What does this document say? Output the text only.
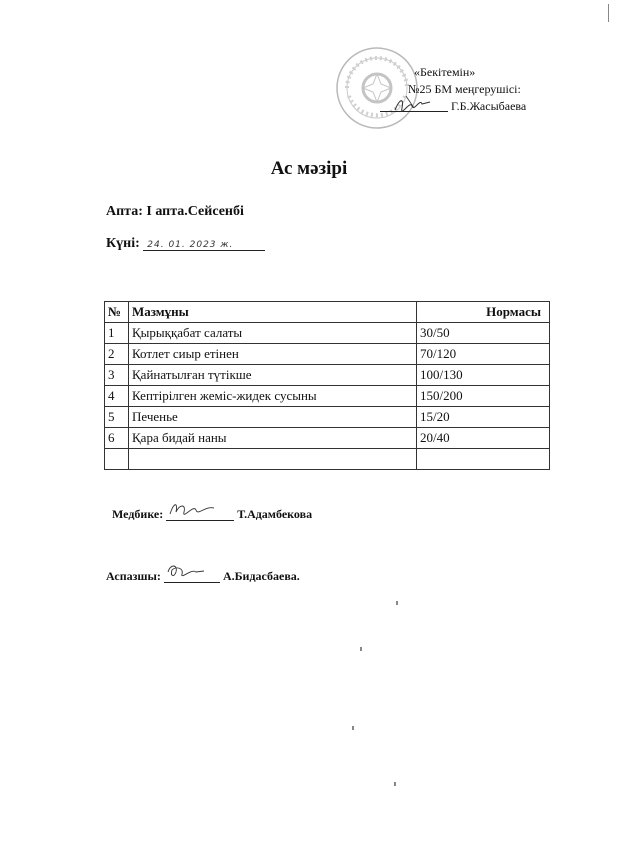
«Бекітемін»
№25 БМ меңгерушісі:
Г.Б.Жасыбаева
Ас мәзірі
Апта: І апта.Сейсенбі
Күні: 24. 01. 2023 ж.
№	Мазмұны	Нормасы
1	Қырыққабат салаты	30/50
2	Котлет сиыр етінен	70/120
3	Қайнатылған түтікше	100/130
4	Кептірілген жеміс-жидек сусыны	150/200
5	Печенье	15/20
6	Қара бидай наны	20/40

Медбике:	Т.Адамбекова
Аспазшы:	А.Бидасбаева.
